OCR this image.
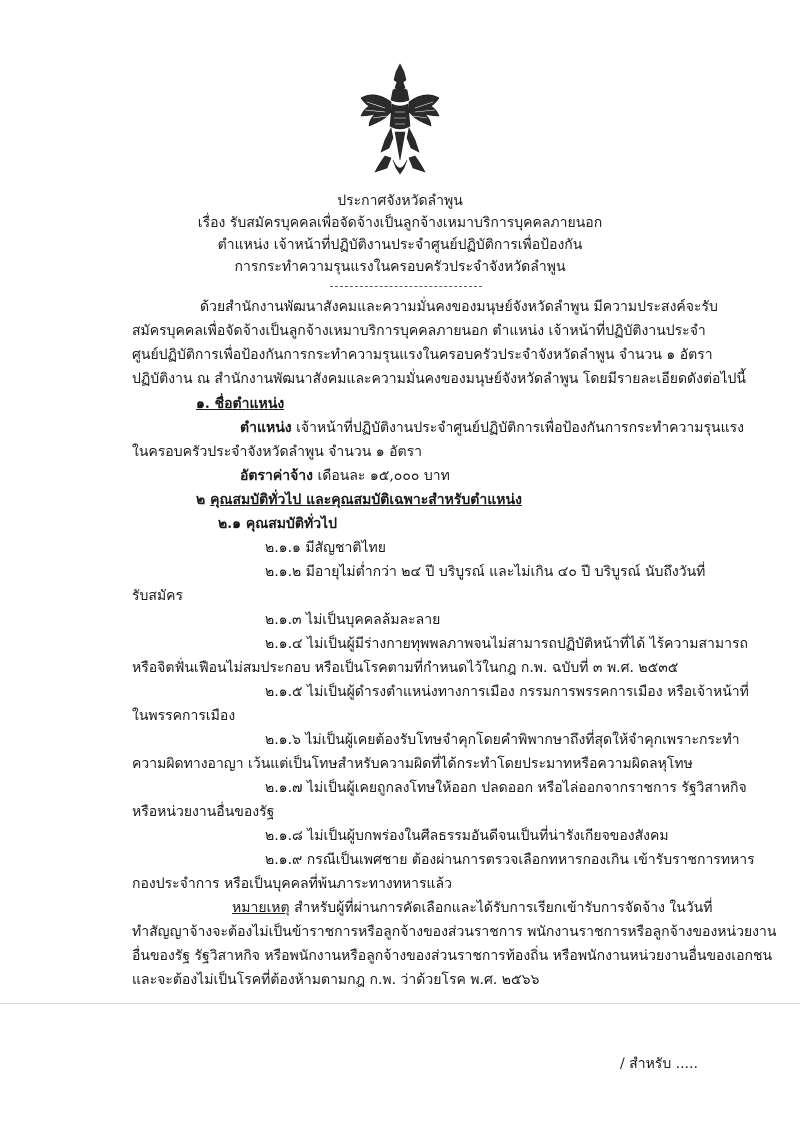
ประกาศจังหวัดลำพูน
เรื่อง รับสมัครบุคคลเพื่อจัดจ้างเป็นลูกจ้างเหมาบริการบุคคลภายนอก
ตำแหน่ง เจ้าหน้าที่ปฏิบัติงานประจำศูนย์ปฏิบัติการเพื่อป้องกัน
การกระทำความรุนแรงในครอบครัวประจำจังหวัดลำพูน
ด้วยสำนักงานพัฒนาสังคมและความมั่นคงของมนุษย์จังหวัดลำพูน มีความประสงค์จะรับ
สมัครบุคคลเพื่อจัดจ้างเป็นลูกจ้างเหมาบริการบุคคลภายนอก ตำแหน่ง เจ้าหน้าที่ปฏิบัติงานประจำ
ศูนย์ปฏิบัติการเพื่อป้องกันการกระทำความรุนแรงในครอบครัวประจำจังหวัดลำพูน จำนวน ๑ อัตรา
ปฏิบัติงาน ณ สำนักงานพัฒนาสังคมและความมั่นคงของมนุษย์จังหวัดลำพูน โดยมีรายละเอียดดังต่อไปนี้
๑. ชื่อตำแหน่ง
ตำแหน่ง เจ้าหน้าที่ปฏิบัติงานประจำศูนย์ปฏิบัติการเพื่อป้องกันการกระทำความรุนแรง
ในครอบครัวประจำจังหวัดลำพูน จำนวน ๑ อัตรา
อัตราค่าจ้าง เดือนละ ๑๕,๐๐๐ บาท
๒ คุณสมบัติทั่วไป และคุณสมบัติเฉพาะสำหรับตำแหน่ง
๒.๑ คุณสมบัติทั่วไป
๒.๑.๑ มีสัญชาติไทย
๒.๑.๒ มีอายุไม่ต่ำกว่า ๒๔ ปี บริบูรณ์ และไม่เกิน ๔๐ ปี บริบูรณ์ นับถึงวันที่
รับสมัคร
๒.๑.๓ ไม่เป็นบุคคลล้มละลาย
๒.๑.๔ ไม่เป็นผู้มีร่างกายทุพพลภาพจนไม่สามารถปฏิบัติหน้าที่ได้ ไร้ความสามารถ
หรือจิตฟั่นเฟือนไม่สมประกอบ หรือเป็นโรคตามที่กำหนดไว้ในกฎ ก.พ. ฉบับที่ ๓ พ.ศ. ๒๕๓๕
๒.๑.๕ ไม่เป็นผู้ดำรงตำแหน่งทางการเมือง กรรมการพรรคการเมือง หรือเจ้าหน้าที่
ในพรรคการเมือง
๒.๑.๖ ไม่เป็นผู้เคยต้องรับโทษจำคุกโดยคำพิพากษาถึงที่สุดให้จำคุกเพราะกระทำ
ความผิดทางอาญา เว้นแต่เป็นโทษสำหรับความผิดที่ได้กระทำโดยประมาทหรือความผิดลหุโทษ
๒.๑.๗ ไม่เป็นผู้เคยถูกลงโทษให้ออก ปลดออก หรือไล่ออกจากราชการ รัฐวิสาหกิจ
หรือหน่วยงานอื่นของรัฐ
๒.๑.๘ ไม่เป็นผู้บกพร่องในศีลธรรมอันดีจนเป็นที่น่ารังเกียจของสังคม
๒.๑.๙ กรณีเป็นเพศชาย ต้องผ่านการตรวจเลือกทหารกองเกิน เข้ารับราชการทหาร
กองประจำการ หรือเป็นบุคคลที่พ้นภาระทางทหารแล้ว
หมายเหตุ สำหรับผู้ที่ผ่านการคัดเลือกและได้รับการเรียกเข้ารับการจัดจ้าง ในวันที่
ทำสัญญาจ้างจะต้องไม่เป็นข้าราชการหรือลูกจ้างของส่วนราชการ พนักงานราชการหรือลูกจ้างของหน่วยงาน
อื่นของรัฐ รัฐวิสาหกิจ หรือพนักงานหรือลูกจ้างของส่วนราชการท้องถิ่น หรือพนักงานหน่วยงานอื่นของเอกชน
และจะต้องไม่เป็นโรคที่ต้องห้ามตามกฎ ก.พ. ว่าด้วยโรค พ.ศ. ๒๕๖๖
/ สำหรับ .....
